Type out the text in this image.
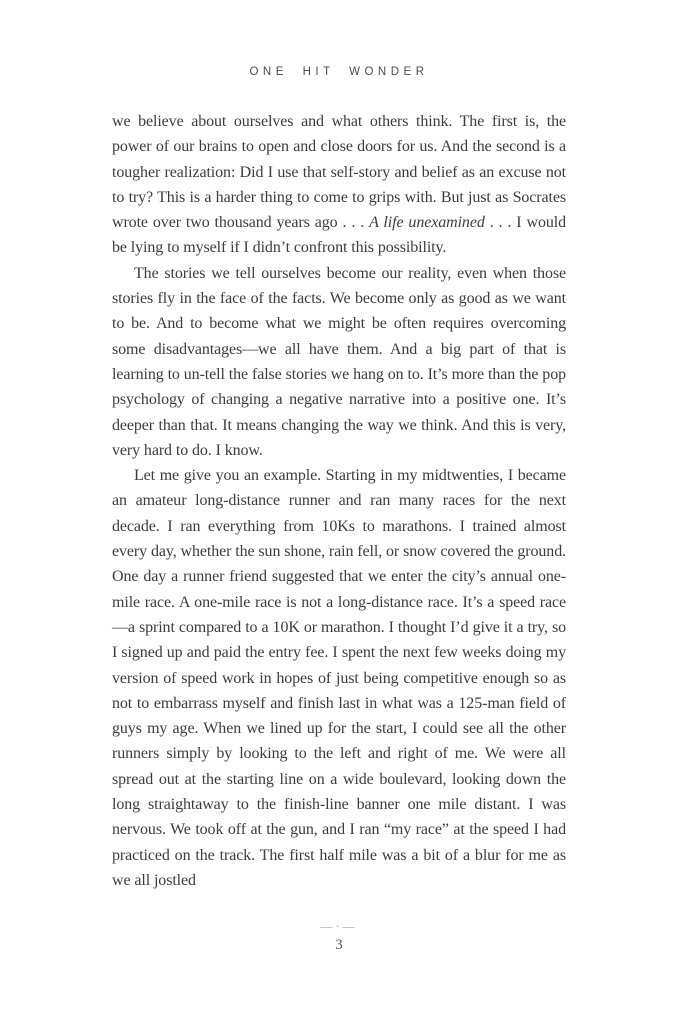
ONE HIT WONDER

we believe about ourselves and what others think. The first is, the power of our brains to open and close doors for us. And the second is a tougher realization: Did I use that self-story and belief as an excuse not to try? This is a harder thing to come to grips with. But just as Socrates wrote over two thousand years ago . . . A life unexamined . . . I would be lying to myself if I didn’t confront this possibility.

The stories we tell ourselves become our reality, even when those stories fly in the face of the facts. We become only as good as we want to be. And to become what we might be often requires overcoming some disadvantages—we all have them. And a big part of that is learning to un-tell the false stories we hang on to. It’s more than the pop psychology of changing a negative narrative into a positive one. It’s deeper than that. It means changing the way we think. And this is very, very hard to do. I know.

Let me give you an example. Starting in my midtwenties, I became an amateur long-distance runner and ran many races for the next decade. I ran everything from 10Ks to marathons. I trained almost every day, whether the sun shone, rain fell, or snow covered the ground. One day a runner friend suggested that we enter the city’s annual one-mile race. A one-mile race is not a long-distance race. It’s a speed race—a sprint compared to a 10K or marathon. I thought I’d give it a try, so I signed up and paid the entry fee. I spent the next few weeks doing my version of speed work in hopes of just being competitive enough so as not to embarrass myself and finish last in what was a 125-man field of guys my age. When we lined up for the start, I could see all the other runners simply by looking to the left and right of me. We were all spread out at the starting line on a wide boulevard, looking down the long straightaway to the finish-line banner one mile distant. I was nervous. We took off at the gun, and I ran “my race” at the speed I had practiced on the track. The first half mile was a bit of a blur for me as we all jostled

—·—
3
